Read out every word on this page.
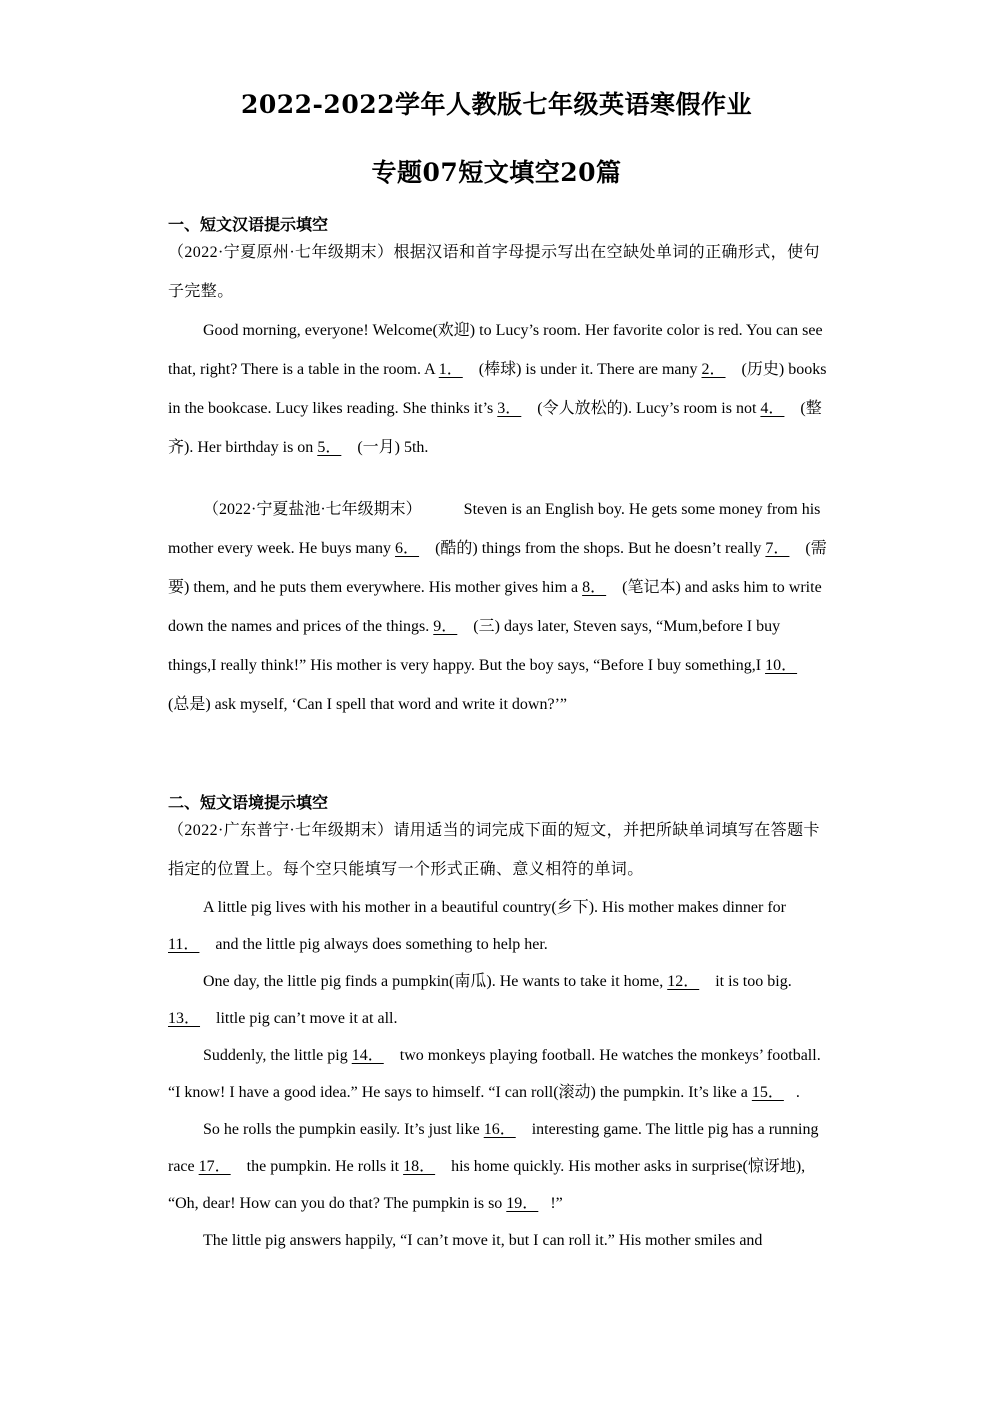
2022-2022学年人教版七年级英语寒假作业
专题07短文填空20篇

一、短文汉语提示填空

（2022·宁夏原州·七年级期末）根据汉语和首字母提示写出在空缺处单词的正确形式，使句子完整。

Good morning, everyone! Welcome(欢迎) to Lucy’s room. Her favorite color is red. You can see that, right? There is a table in the room. A 1． (棒球) is under it. There are many 2． (历史) books in the bookcase. Lucy likes reading. She thinks it’s 3． (令人放松的). Lucy’s room is not 4． (整齐). Her birthday is on 5． (一月) 5th.

（2022·宁夏盐池·七年级期末）	Steven is an English boy. He gets some money from his mother every week. He buys many 6． (酷的) things from the shops. But he doesn’t really 7． (需要) them, and he puts them everywhere. His mother gives him a 8． (笔记本) and asks him to write down the names and prices of the things. 9． (三) days later, Steven says, “Mum,before I buy things,I really think!” His mother is very happy. But the boy says, “Before I buy something,I 10． (总是) ask myself, ‘Can I spell that word and write it down?’”

二、短文语境提示填空

（2022·广东普宁·七年级期末）请用适当的词完成下面的短文，并把所缺单词填写在答题卡指定的位置上。每个空只能填写一个形式正确、意义相符的单词。

A little pig lives with his mother in a beautiful country(乡下). His mother makes dinner for 11． and the little pig always does something to help her.

One day, the little pig finds a pumpkin(南瓜). He wants to take it home, 12． it is too big. 13． little pig can’t move it at all.

Suddenly, the little pig 14． two monkeys playing football. He watches the monkeys’ football. “I know! I have a good idea.” He says to himself. “I can roll(滚动) the pumpkin. It’s like a 15． .

So he rolls the pumpkin easily. It’s just like 16． interesting game. The little pig has a running race 17． the pumpkin. He rolls it 18． his home quickly. His mother asks in surprise(惊讶地), “Oh, dear! How can you do that? The pumpkin is so 19． !”

The little pig answers happily, “I can’t move it, but I can roll it.” His mother smiles and
